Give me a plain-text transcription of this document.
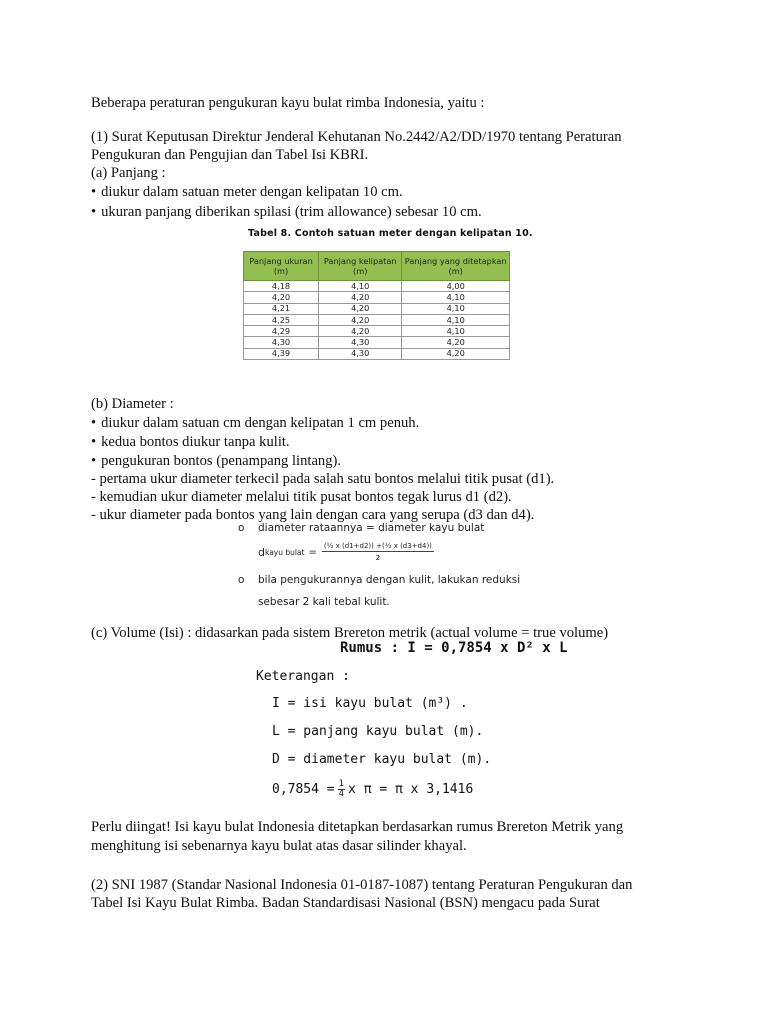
Beberapa peraturan pengukuran kayu bulat rimba Indonesia, yaitu :
(1) Surat Keputusan Direktur Jenderal Kehutanan No.2442/A2/DD/1970 tentang Peraturan
Pengukuran dan Pengujian dan Tabel Isi KBRI.
(a) Panjang :
• diukur dalam satuan meter dengan kelipatan 10 cm.
• ukuran panjang diberikan spilasi (trim allowance) sebesar 10 cm.
Tabel 8. Contoh satuan meter dengan kelipatan 10.
Panjang ukuran (m)	Panjang kelipatan (m)	Panjang yang ditetapkan (m)
4,18	4,10	4,00
4,20	4,20	4,10
4,21	4,20	4,10
4,25	4,20	4,10
4,29	4,20	4,10
4,30	4,30	4,20
4,39	4,30	4,20
(b) Diameter :
• diukur dalam satuan cm dengan kelipatan 1 cm penuh.
• kedua bontos diukur tanpa kulit.
• pengukuran bontos (penampang lintang).
- pertama ukur diameter terkecil pada salah satu bontos melalui titik pusat (d1).
- kemudian ukur diameter melalui titik pusat bontos tegak lurus d1 (d2).
- ukur diameter pada bontos yang lain dengan cara yang serupa (d3 dan d4).
o diameter rataannya = diameter kayu bulat
d kayu bulat = $\frac{\text{(½ x (d1+d2)) +(½ x (d3+d4))}}{2}$
o bila pengukurannya dengan kulit, lakukan reduksi
sebesar 2 kali tebal kulit.
(c) Volume (Isi) : didasarkan pada sistem Brereton metrik (actual volume = true volume)
Rumus : I = 0,7854 x D² x L
Keterangan :
I = isi kayu bulat (m³) .
L = panjang kayu bulat (m).
D = diameter kayu bulat (m).
$0,7854 = \frac{1}{4}$ x π = π x 3,1416
Perlu diingat! Isi kayu bulat Indonesia ditetapkan berdasarkan rumus Brereton Metrik yang
menghitung isi sebenarnya kayu bulat atas dasar silinder khayal.
(2) SNI 1987 (Standar Nasional Indonesia 01-0187-1087) tentang Peraturan Pengukuran dan
Tabel Isi Kayu Bulat Rimba. Badan Standardisasi Nasional (BSN) mengacu pada Surat
